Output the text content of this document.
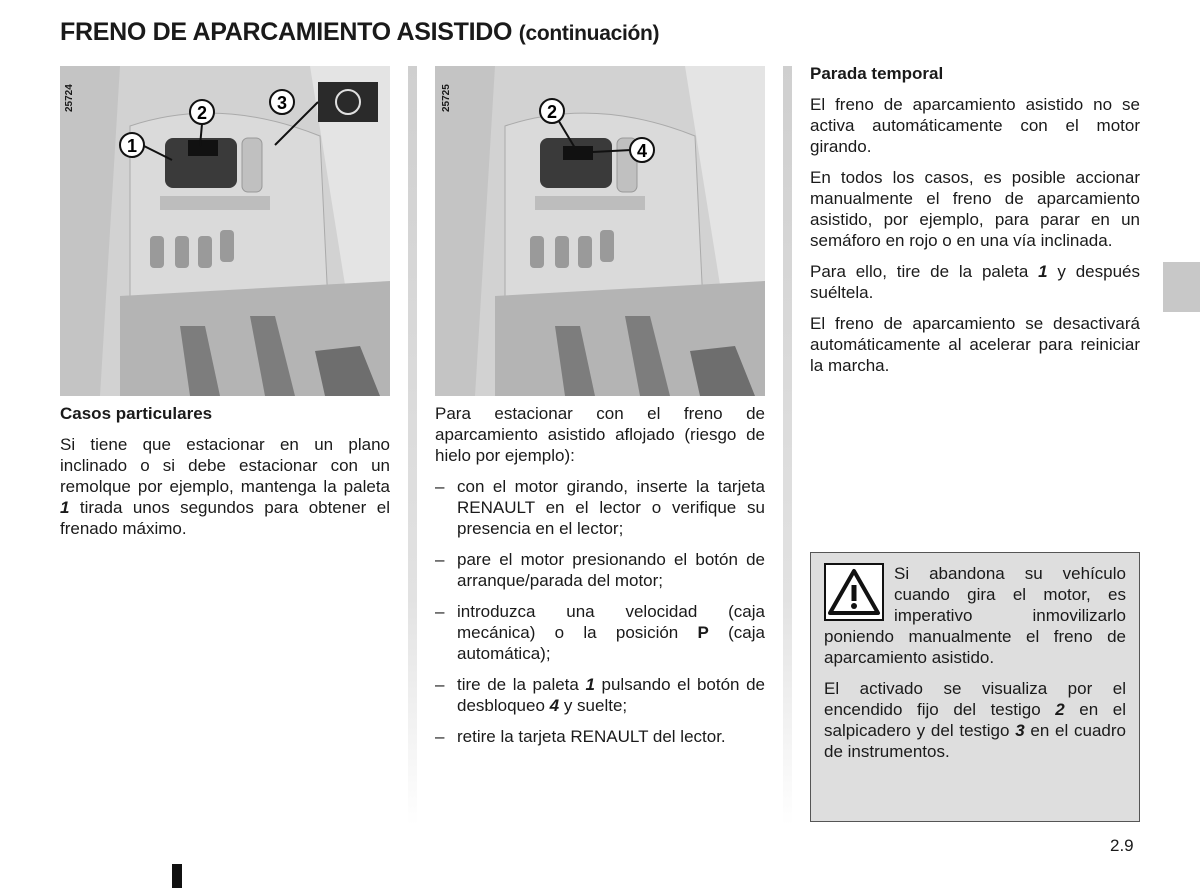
FRENO DE APARCAMIENTO ASISTIDO (continuación)
1
2	3
25724	2
4
25725

Casos particulares

Si tiene que estacionar en un plano inclinado o si debe estacionar con un remolque por ejemplo, mantenga la paleta 1 tirada unos segundos para obtener el frenado máximo.

Para estacionar con el freno de aparcamiento asistido aflojado (riesgo de hielo por ejemplo):

– con el motor girando, inserte la tarjeta RENAULT en el lector o verifique su presencia en el lector;
– pare el motor presionando el botón de arranque/parada del motor;
– introduzca una velocidad (caja mecánica) o la posición P (caja automática);
– tire de la paleta 1 pulsando el botón de desbloqueo 4 y suelte;
– retire la tarjeta RENAULT del lector.

Parada temporal

El freno de aparcamiento asistido no se activa automáticamente con el motor girando.

En todos los casos, es posible accionar manualmente el freno de aparcamiento asistido, por ejemplo, para parar en un semáforo en rojo o en una vía inclinada.

Para ello, tire de la paleta 1 y después suéltela.

El freno de aparcamiento se desactivará automáticamente al acelerar para reiniciar la marcha.

Si abandona su vehículo cuando gira el motor, es imperativo inmovilizarlo poniendo manualmente el freno de aparcamiento asistido.

El activado se visualiza por el encendido fijo del testigo 2 en el salpicadero y del testigo 3 en el cuadro de instrumentos.

2.9
